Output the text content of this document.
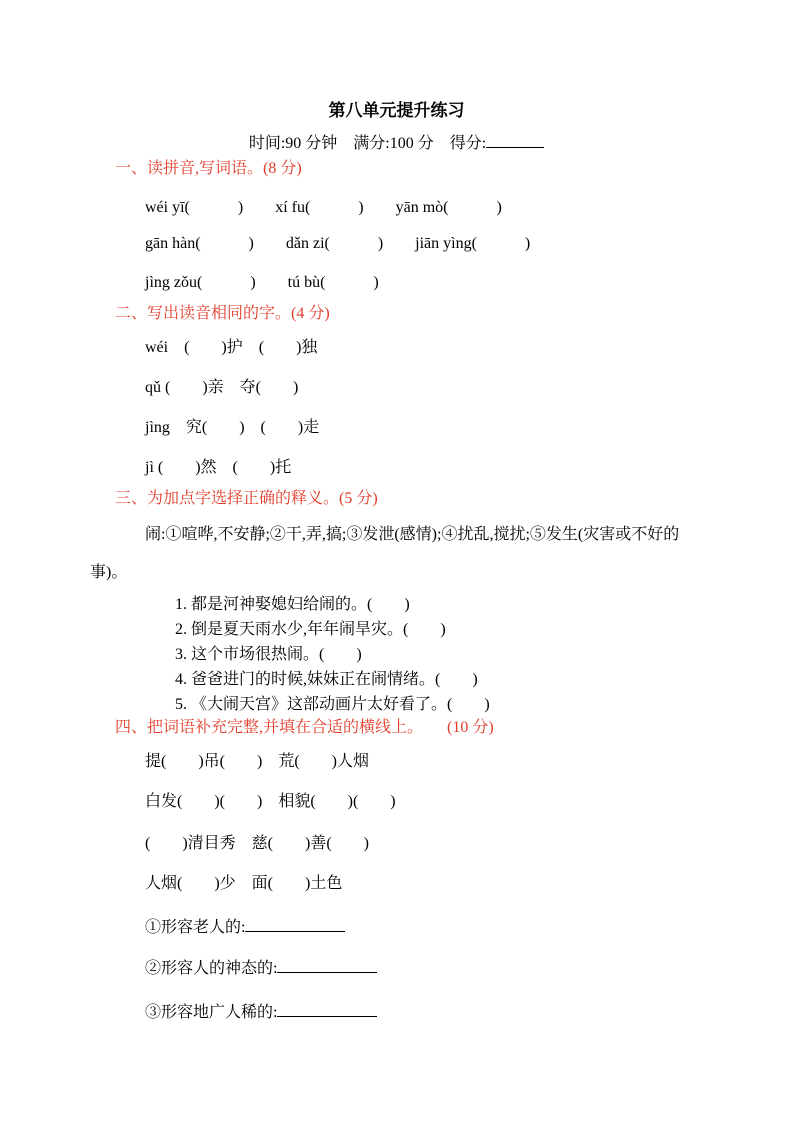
第八单元提升练习
时间:90 分钟　满分:100 分　得分:
一、读拼音,写词语。(8 分)
wéi yī(　　　)　　xí fu(　　　)　　yān mò(　　　)
gān hàn(　　　)　　dǎn zi(　　　)　　jiān yìng(　　　)
jìng zǒu(　　　)　　tú bù(　　　)
二、写出读音相同的字。(4 分)
wéi　(　　)护　(　　)独
qǔ (　　)亲　夺(　　)
jìng　究(　　)　(　　)走
jì (　　)然　(　　)托
三、为加点字选择正确的释义。(5 分)
闹:①喧哗,不安静;②干,弄,搞;③发泄(感情);④扰乱,搅扰;⑤发生(灾害或不好的事)。
1. 都是河神娶媳妇给闹的。(　　)
2. 倒是夏天雨水少,年年闹旱灾。(　　)
3. 这个市场很热闹。(　　)
4. 爸爸进门的时候,妹妹正在闹情绪。(　　)
5. 《大闹天宫》这部动画片太好看了。(　　)
四、把词语补充完整,并填在合适的横线上。　　(10 分)
提(　　)吊(　　)　荒(　　)人烟
白发(　　)(　　)　相貌(　　)(　　)
(　　)清目秀　慈(　　)善(　　)
人烟(　　)少　面(　　)土色
①形容老人的:
②形容人的神态的:
③形容地广人稀的:
